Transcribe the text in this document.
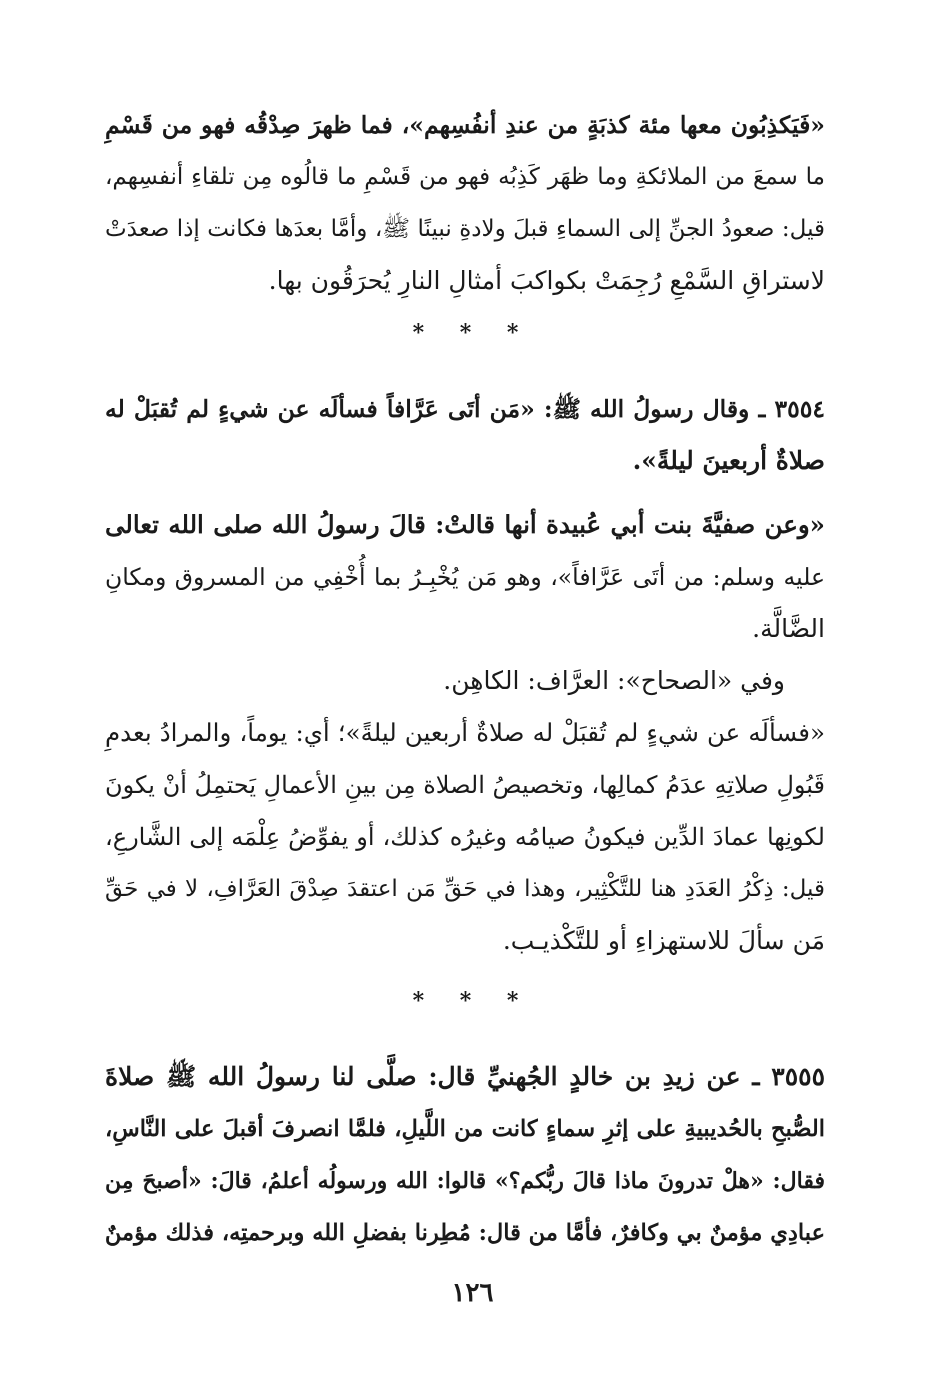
«فَيَكذِبُون معها مئة كذبَةٍ من عندِ أنفُسِهم»، فما ظهرَ صِدْقُه فهو من قَسْمِ
ما سمعَ من الملائكةِ وما ظهَر كَذِبُه فهو من قَسْمِ ما قالُوه مِن تلقاءِ أنفسِهم،
قيل: صعودُ الجنِّ إلى السماءِ قبلَ ولادةِ نبينًا ﷺ، وأمَّا بعدَها فكانت إذا صعدَتْ
لاستراقِ السَّمْعِ رُجِمَتْ بكواكبَ أمثالِ النارِ يُحرَقُون بها.
* * *
٣٥٥٤ ـ وقال رسولُ الله ﷺ: «مَن أتَى عَرَّافاً فسألَه عن شيءٍ لم تُقبَلْ له
صلاةٌ أربعينَ ليلةً».
«وعن صفيَّةَ بنت أبي عُبيدة أنها قالتْ: قالَ رسولُ الله صلى الله تعالى
عليه وسلم: من أتَى عَرَّافاً»، وهو مَن يُخْبِـرُ بما أُخْفِي من المسروق ومكانِ
الضَّالَّة.
وفي «الصحاح»: العرَّاف: الكاهِن.
«فسألَه عن شيءٍ لم تُقبَلْ له صلاةٌ أربعين ليلةً»؛ أي: يوماً، والمرادُ بعدمِ
قَبُولِ صلاتِهِ عدَمُ كمالِها، وتخصيصُ الصلاة مِن بينِ الأعمالِ يَحتمِلُ أنْ يكونَ
لكونِها عمادَ الدِّين فيكونُ صيامُه وغيرُه كذلك، أو يفوِّضُ عِلْمَه إلى الشَّارعِ،
قيل: ذِكْرُ العَدَدِ هنا للتَّكْثِير، وهذا في حَقِّ مَن اعتقدَ صِدْقَ العَرَّافِ، لا في حَقِّ
مَن سألَ للاستهزاءِ أو للتَّكْذيـب.
* * *
٣٥٥٥ ـ عن زيدِ بن خالدٍ الجُهنيِّ قال: صلَّى لنا رسولُ الله ﷺ صلاةَ
الصُّبحِ بالحُديبيةِ على إثرِ سماءٍ كانت من اللَّيلِ، فلمَّا انصرفَ أقبلَ على النَّاسِ،
فقال: «هلْ تدرونَ ماذا قالَ ربُّكم؟» قالوا: الله ورسولُه أعلمُ، قالَ: «أصبحَ مِن
عبادِي مؤمنٌ بي وكافرٌ، فأمَّا من قال: مُطِرنا بفضلِ الله وبرحمتِه، فذلك مؤمنٌ
١٢٦
